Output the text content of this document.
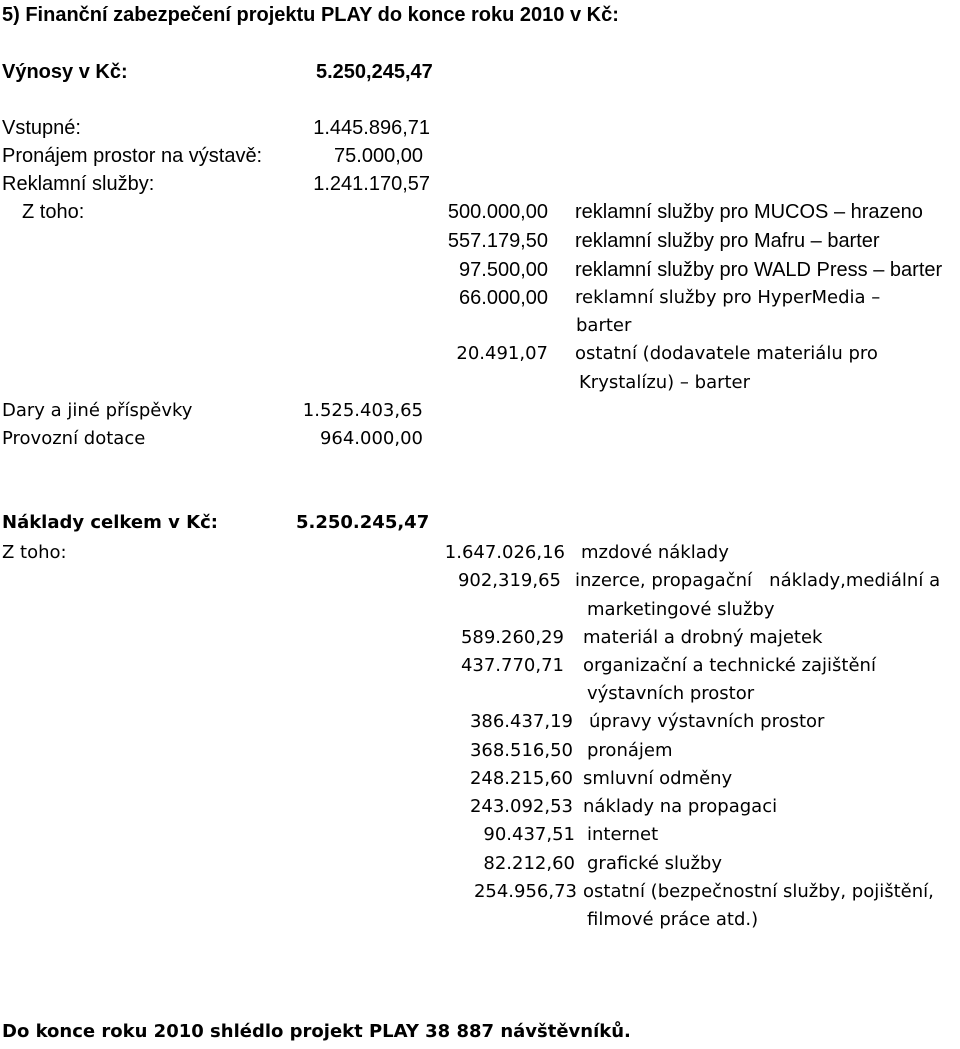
5) Finanční zabezpečení projektu PLAY do konce roku 2010 v Kč:
Výnosy v Kč:	5.250,245,47
Vstupné:	1.445.896,71
Pronájem prostor na výstavě:	75.000,00
Reklamní služby:	1.241.170,57
Z toho:	500.000,00 reklamní služby pro MUCOS – hrazeno
557.179,50 reklamní služby pro Mafru – barter
97.500,00 reklamní služby pro WALD Press – barter
66.000,00 reklamní služby pro HyperMedia –
barter
20.491,07 ostatní (dodavatele materiálu pro
Krystalízu) – barter
Dary a jiné příspěvky	1.525.403,65
Provozní dotace	964.000,00
Náklady celkem v Kč:	5.250.245,47
Z toho:	1.647.026,16 mzdové náklady
902,319,65 inzerce, propagační   náklady,mediální a
marketingové služby
589.260,29 materiál a drobný majetek
437.770,71 organizační a technické zajištění
výstavních prostor
386.437,19 úpravy výstavních prostor
368.516,50 pronájem
248.215,60 smluvní odměny
243.092,53 náklady na propagaci
90.437,51 internet
82.212,60 grafické služby
254.956,73 ostatní (bezpečnostní služby, pojištění,
filmové práce atd.)
Do konce roku 2010 shlédlo projekt PLAY 38 887 návštěvníků.
